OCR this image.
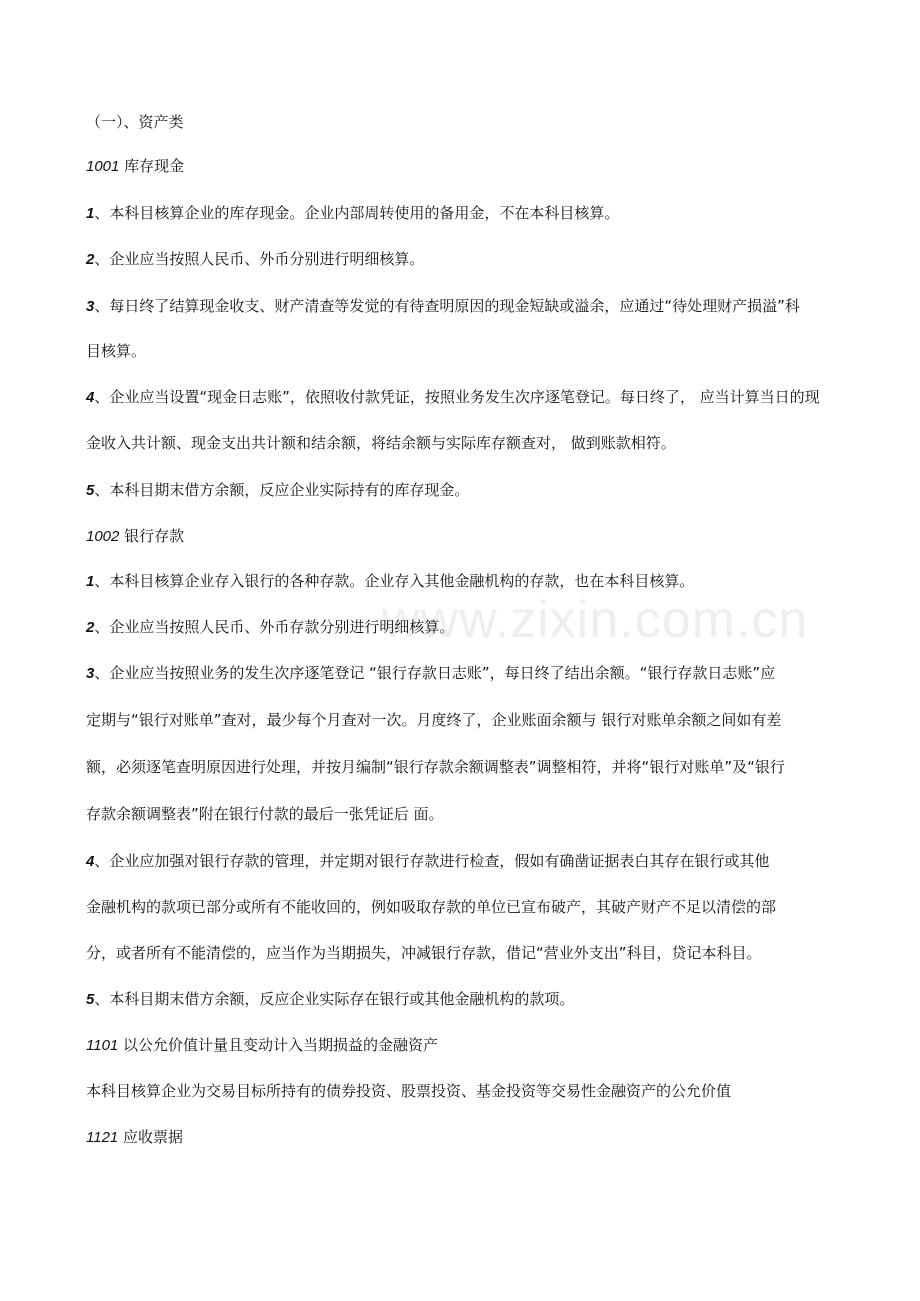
www.zixin.com.cn
（一）、资产类
1001 库存现金
1、本科目核算企业的库存现金。企业内部周转使用的备用金，不在本科目核算。
2、企业应当按照人民币、外币分别进行明细核算。
3、每日终了结算现金收支、财产清查等发觉的有待查明原因的现金短缺或溢余，应通过“待处理财产损溢”科
目核算。
4、企业应当设置“现金日志账”，依照收付款凭证，按照业务发生次序逐笔登记。每日终了， 应当计算当日的现
金收入共计额、现金支出共计额和结余额，将结余额与实际库存额查对， 做到账款相符。
5、本科目期末借方余额，反应企业实际持有的库存现金。
1002 银行存款
1、本科目核算企业存入银行的各种存款。企业存入其他金融机构的存款，也在本科目核算。
2、企业应当按照人民币、外币存款分别进行明细核算。
3、企业应当按照业务的发生次序逐笔登记 “银行存款日志账”，每日终了结出余额。“银行存款日志账”应
定期与“银行对账单”查对，最少每个月查对一次。月度终了，企业账面余额与 银行对账单余额之间如有差
额，必须逐笔查明原因进行处理，并按月编制“银行存款余额调整表”调整相符，并将“银行对账单”及“银行
存款余额调整表”附在银行付款的最后一张凭证后 面。
4、企业应加强对银行存款的管理，并定期对银行存款进行检查，假如有确凿证据表白其存在银行或其他
金融机构的款项已部分或所有不能收回的，例如吸取存款的单位已宣布破产，其破产财产不足以清偿的部
分，或者所有不能清偿的，应当作为当期损失，冲减银行存款，借记“营业外支出”科目，贷记本科目。
5、本科目期末借方余额，反应企业实际存在银行或其他金融机构的款项。
1101 以公允价值计量且变动计入当期损益的金融资产
本科目核算企业为交易目标所持有的债券投资、股票投资、基金投资等交易性金融资产的公允价值
1121 应收票据
